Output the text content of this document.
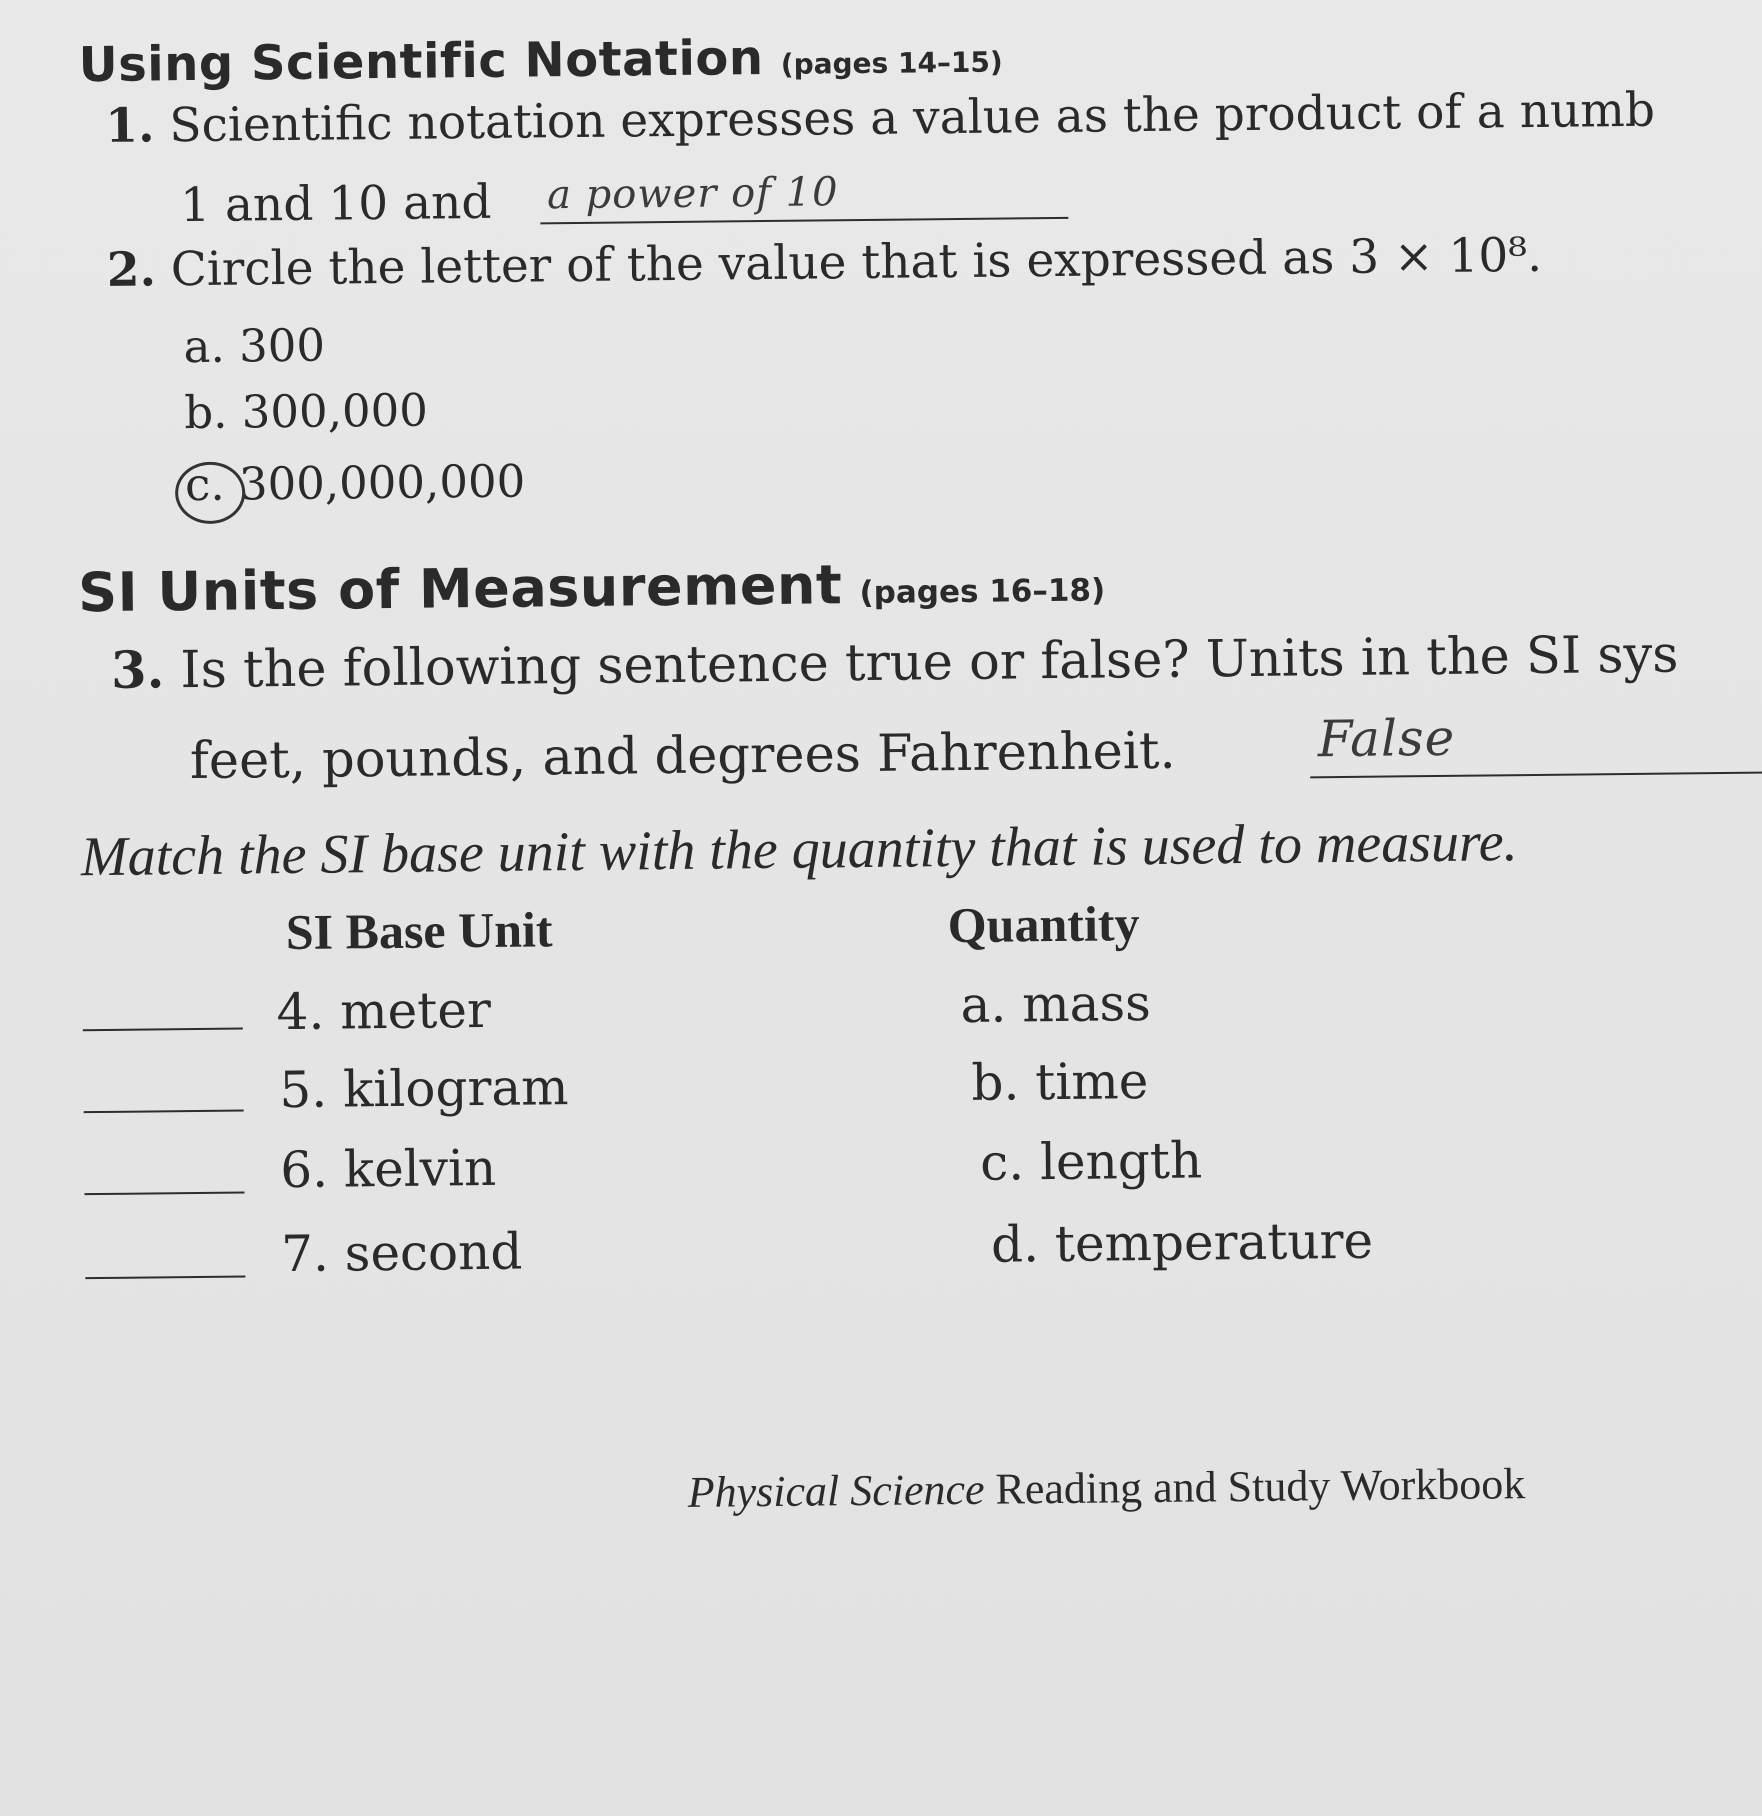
Using Scientific Notation (pages 14–15)
1. Scientific notation expresses a value as the product of a numb
1 and 10 and a power of 10
2. Circle the letter of the value that is expressed as 3 × 10⁸.
a. 300
b. 300,000
c. 300,000,000
SI Units of Measurement (pages 16–18)
3. Is the following sentence true or false? Units in the SI sys
feet, pounds, and degrees Fahrenheit.	False
Match the SI base unit with the quantity that is used to measure.
SI Base Unit	Quantity
4. meter	a. mass
5. kilogram	b. time
6. kelvin	c. length
7. second	d. temperature
Physical Science Reading and Study Workbook
